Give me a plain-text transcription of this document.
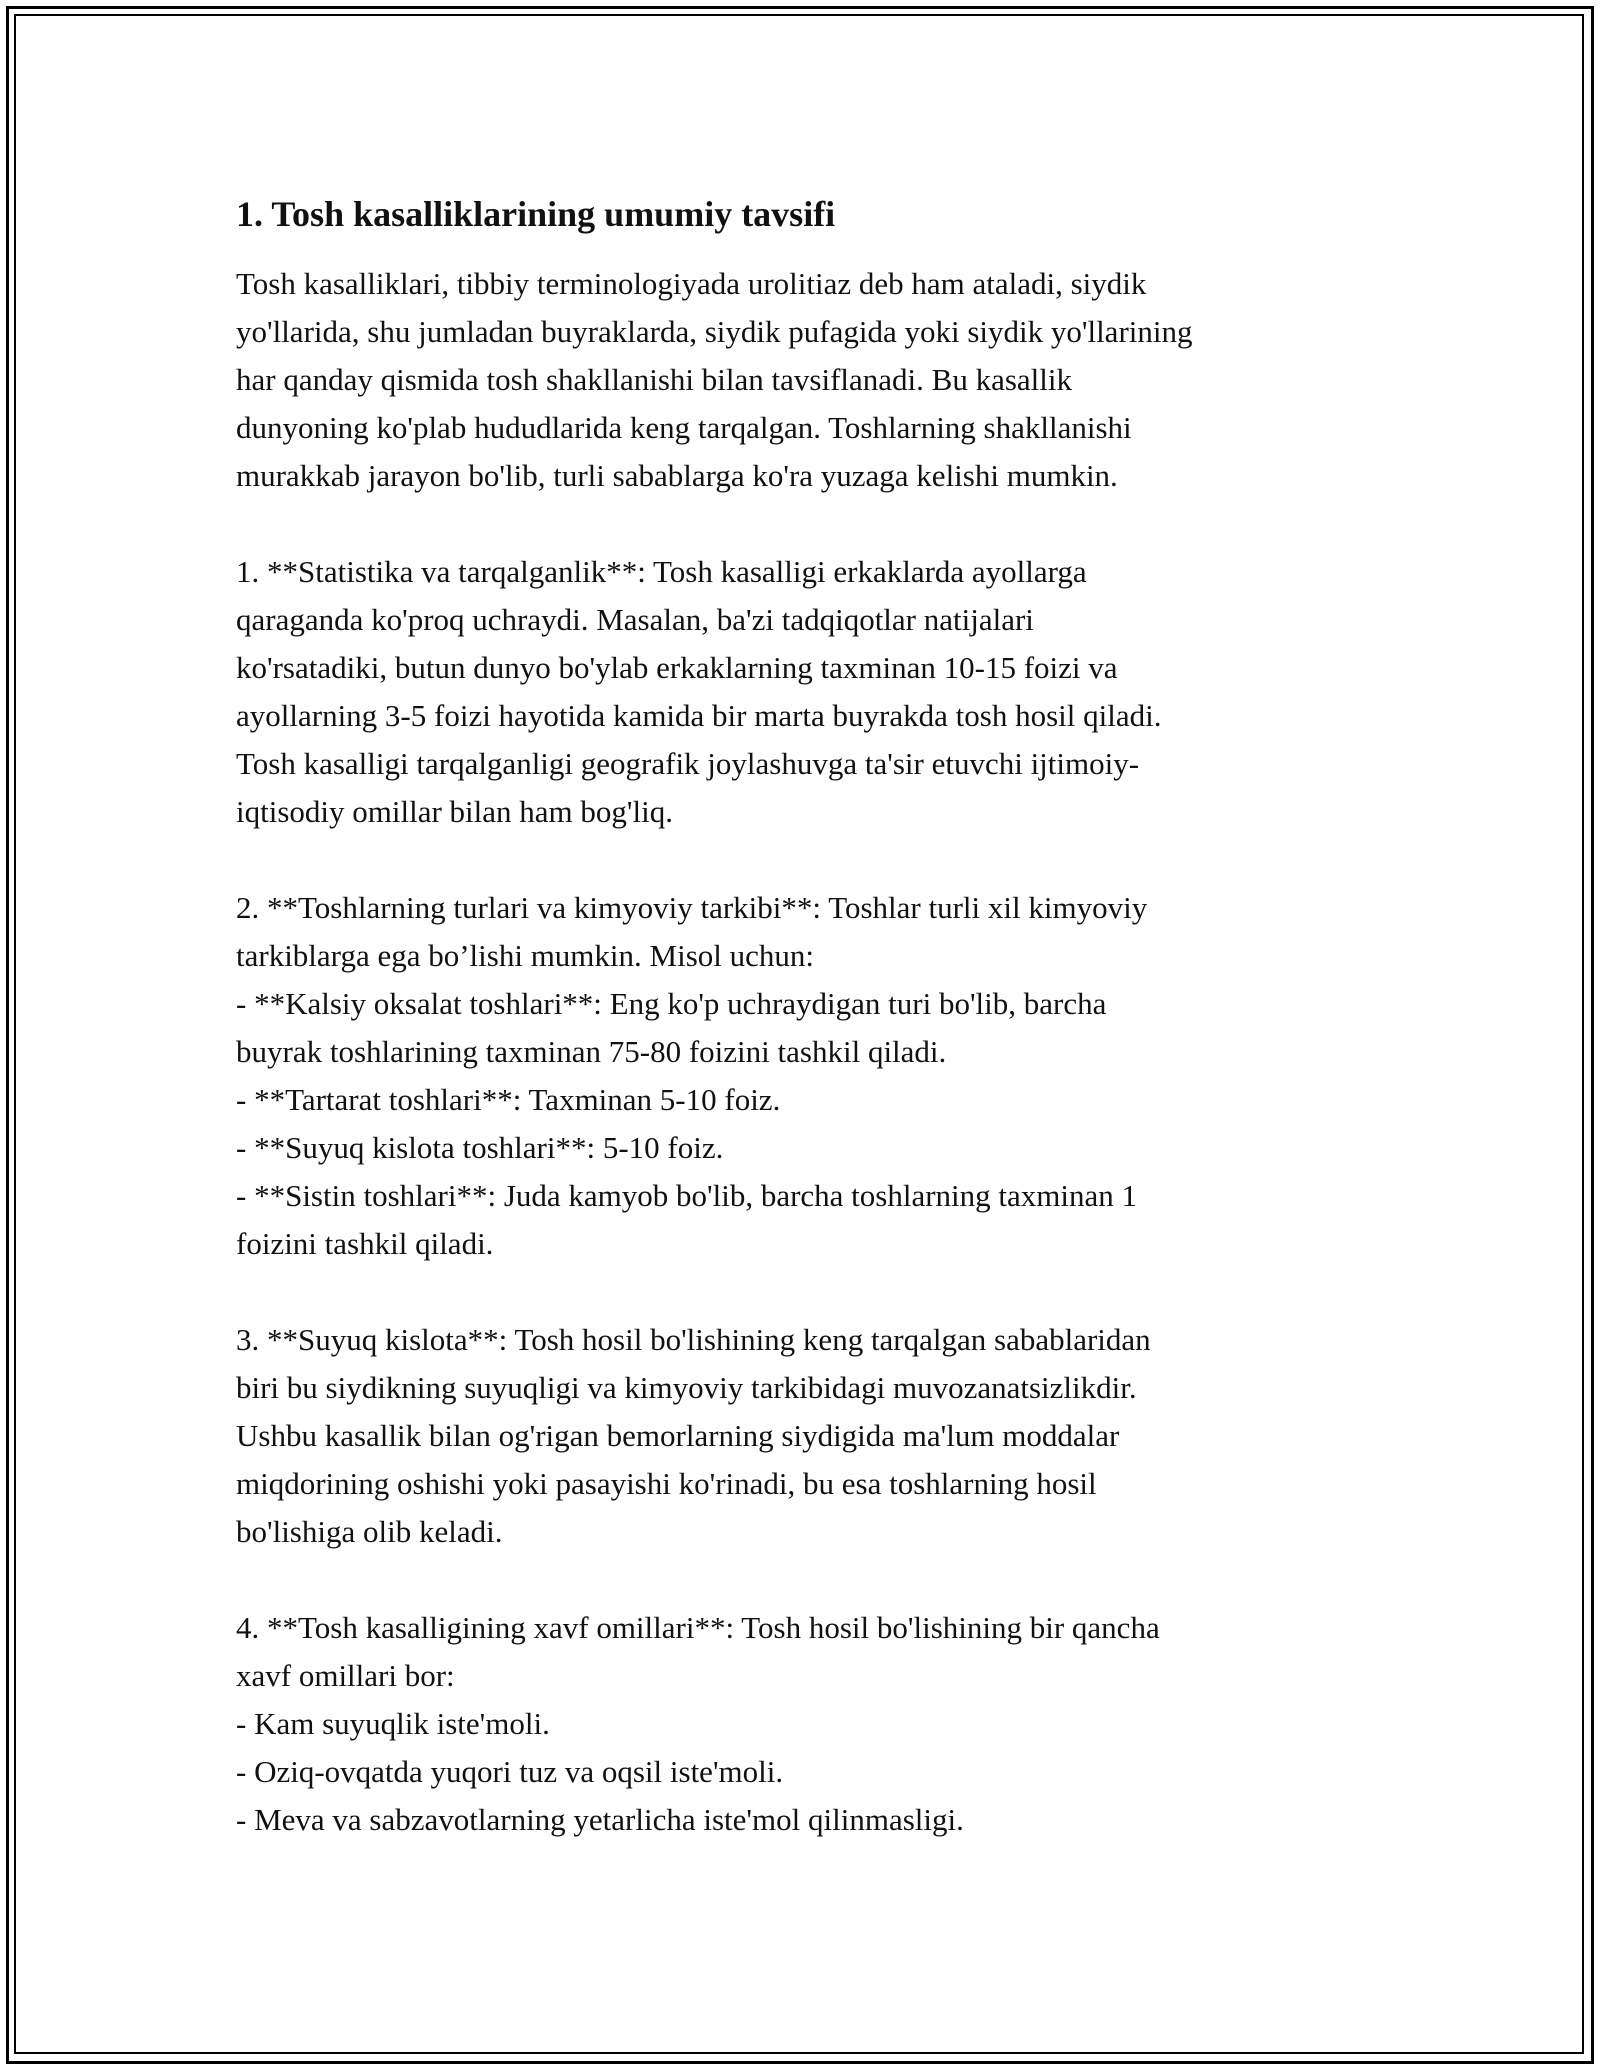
1. Tosh kasalliklarining umumiy tavsifi

Tosh kasalliklari, tibbiy terminologiyada urolitiaz deb ham ataladi, siydik
yo'llarida, shu jumladan buyraklarda, siydik pufagida yoki siydik yo'llarining
har qanday qismida tosh shakllanishi bilan tavsiflanadi. Bu kasallik
dunyoning ko'plab hududlarida keng tarqalgan. Toshlarning shakllanishi
murakkab jarayon bo'lib, turli sabablarga ko'ra yuzaga kelishi mumkin.

1. **Statistika va tarqalganlik**: Tosh kasalligi erkaklarda ayollarga
qaraganda ko'proq uchraydi. Masalan, ba'zi tadqiqotlar natijalari
ko'rsatadiki, butun dunyo bo'ylab erkaklarning taxminan 10-15 foizi va
ayollarning 3-5 foizi hayotida kamida bir marta buyrakda tosh hosil qiladi.
Tosh kasalligi tarqalganligi geografik joylashuvga ta'sir etuvchi ijtimoiy-
iqtisodiy omillar bilan ham bog'liq.

2. **Toshlarning turlari va kimyoviy tarkibi**: Toshlar turli xil kimyoviy
tarkiblarga ega bo’lishi mumkin. Misol uchun:
- **Kalsiy oksalat toshlari**: Eng ko'p uchraydigan turi bo'lib, barcha
buyrak toshlarining taxminan 75-80 foizini tashkil qiladi.
- **Tartarat toshlari**: Taxminan 5-10 foiz.
- **Suyuq kislota toshlari**: 5-10 foiz.
- **Sistin toshlari**: Juda kamyob bo'lib, barcha toshlarning taxminan 1
foizini tashkil qiladi.

3. **Suyuq kislota**: Tosh hosil bo'lishining keng tarqalgan sabablaridan
biri bu siydikning suyuqligi va kimyoviy tarkibidagi muvozanatsizlikdir.
Ushbu kasallik bilan og'rigan bemorlarning siydigida ma'lum moddalar
miqdorining oshishi yoki pasayishi ko'rinadi, bu esa toshlarning hosil
bo'lishiga olib keladi.

4. **Tosh kasalligining xavf omillari**: Tosh hosil bo'lishining bir qancha
xavf omillari bor:
- Kam suyuqlik iste'moli.
- Oziq-ovqatda yuqori tuz va oqsil iste'moli.
- Meva va sabzavotlarning yetarlicha iste'mol qilinmasligi.
